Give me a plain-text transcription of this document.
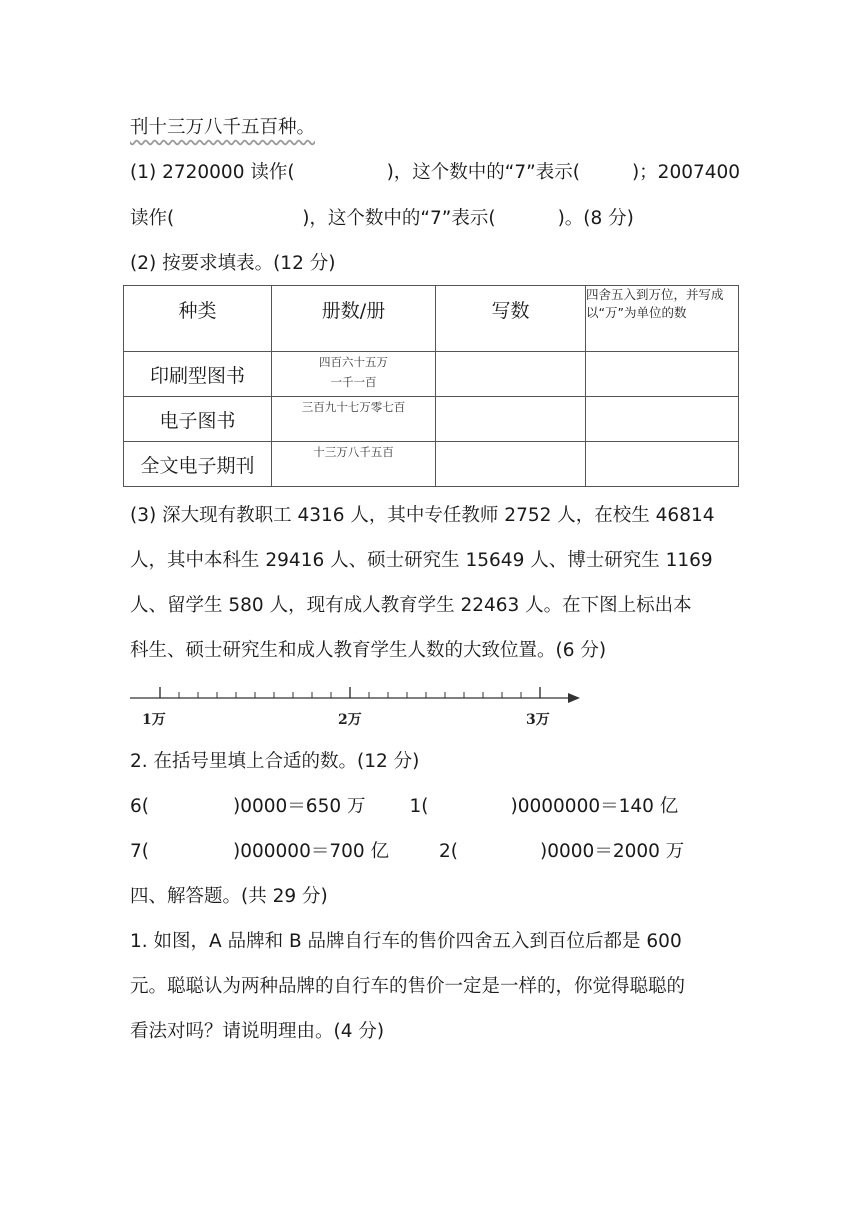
刊十三万八千五百种。
(1) 2720000 读作(	)，这个数中的“7”表示(	)；2007400
读作(	)，这个数中的“7”表示(	)。(8 分)
(2) 按要求填表。(12 分)
种类	册数/册	写数	四舍五入到万位，并写成以“万”为单位的数
印刷型图书	四百六十五万
一千一百		

电子图书	三百九十七万零七百		

全文电子期刊	十三万八千五百		

(3) 深大现有教职工 4316 人，其中专任教师 2752 人，在校生 46814
人，其中本科生 29416 人、硕士研究生 15649 人、博士研究生 1169
人、留学生 580 人，现有成人教育学生 22463 人。在下图上标出本
科生、硕士研究生和成人教育学生人数的大致位置。(6 分)
1万	2万	3万
2. 在括号里填上合适的数。(12 分)
6(	)0000＝650 万 1(	)0000000＝140 亿
7(	)000000＝700 亿	2(	)0000＝2000 万
四、解答题。(共 29 分)
1. 如图，A 品牌和 B 品牌自行车的售价四舍五入到百位后都是 600
元。聪聪认为两种品牌的自行车的售价一定是一样的，你觉得聪聪的
看法对吗？请说明理由。(4 分)
